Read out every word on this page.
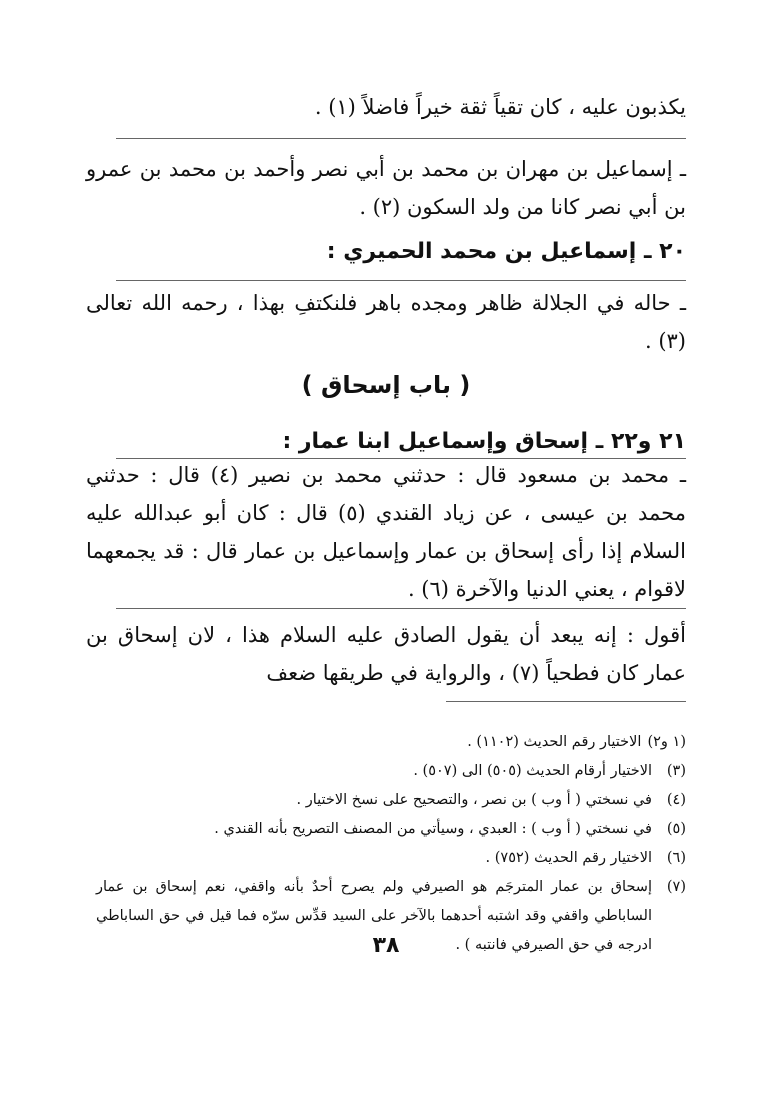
يكذبون عليه ، كان تقياً ثقة خيراً فاضلاً (١) .
ـ إسماعيل بن مهران بن محمد بن أبي نصر وأحمد بن محمد بن عمرو بن أبي نصر كانا من ولد السكون (٢) .
٢٠ ـ إسماعيل بن محمد الحميري :
ـ حاله في الجلالة ظاهر ومجده باهر فلنكتفِ بهذا ، رحمه الله تعالى (٣) .
( باب إسحاق )
٢١ و٢٢ ـ إسحاق وإسماعيل ابنا عمار :
ـ محمد بن مسعود قال : حدثني محمد بن نصير (٤) قال : حدثني محمد بن عيسى ، عن زياد القندي (٥) قال : كان أبو عبدالله عليه السلام إذا رأى إسحاق بن عمار وإسماعيل بن عمار قال : قد يجمعهما لاقوام ، يعني الدنيا والآخرة (٦) .
أقول : إنه يبعد أن يقول الصادق عليه السلام هذا ، لان إسحاق بن عمار كان فطحياً (٧) ، والرواية في طريقها ضعف
(١ و٢)
الاختيار رقم الحديث (١١٠٢) .
(٣)
الاختيار أرقام الحديث (٥٠٥) الى (٥٠٧) .
(٤)
في نسختي ( أ وب ) بن نصر ، والتصحيح على نسخ الاختيار .
(٥)
في نسختي ( أ وب ) : العبدي ، وسيأتي من المصنف التصريح بأنه القندي .
(٦)
الاختيار رقم الحديث (٧٥٢) .
(٧)
إسحاق بن عمار المترجَم هو الصيرفي ولم يصرح أحدٌ بأنه واقفي، نعم إسحاق بن عمار الساباطي واقفي وقد اشتبه أحدهما بالآخر على السيد قدِّس سرّه فما قيل في حق الساباطي ادرجه في حق الصيرفي فانتبه ) .
٣٨
